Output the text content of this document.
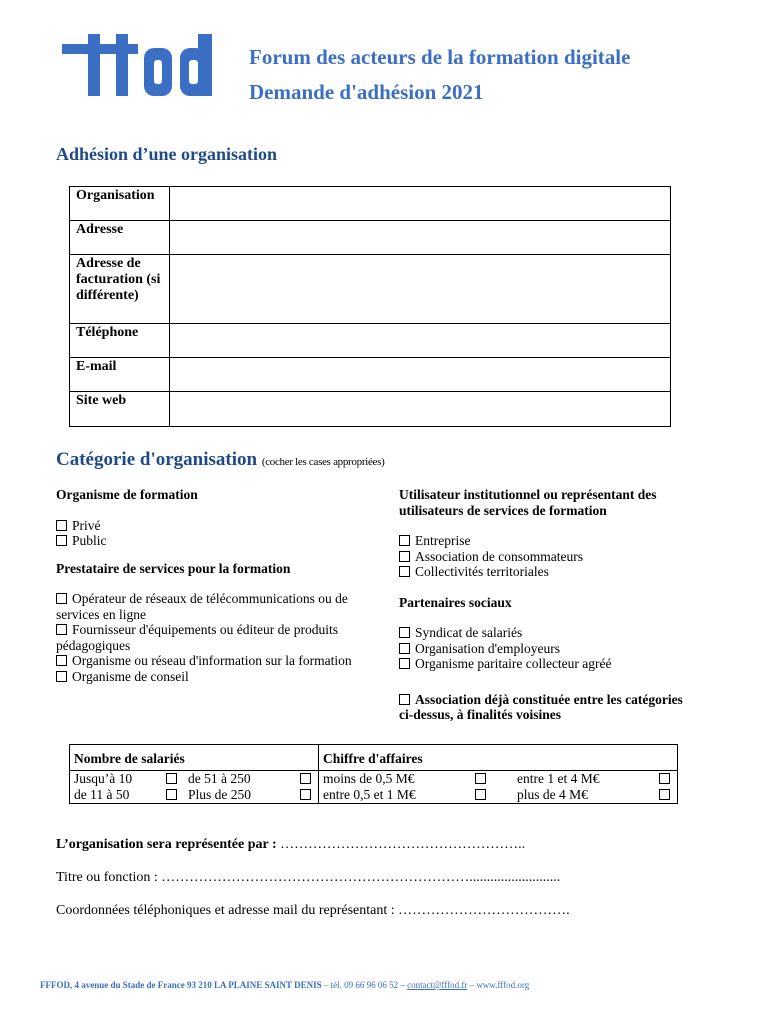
Forum des acteurs de la formation digitale
Demande d'adhésion 2021
Adhésion d’une organisation
Organisation	
Adresse	
Adresse de facturation (si différente)	
Téléphone	
E-mail	
Site web	
Catégorie d'organisation (cocher les cases appropriées)
Organisme de formation
Privé
Public
Prestataire de services pour la formation
Opérateur de réseaux de télécommunications ou de services en ligne
Fournisseur d'équipements ou éditeur de produits pédagogiques
Organisme ou réseau d'information sur la formation
Organisme de conseil
Utilisateur institutionnel ou représentant des utilisateurs de services de formation
Entreprise
Association de consommateurs
Collectivités territoriales
Partenaires sociaux
Syndicat de salariés
Organisation d'employeurs
Organisme paritaire collecteur agréé
Association déjà constituée entre les catégories ci-dessus, à finalités voisines
Nombre de salariés				Chiffre d'affaires			
Jusqu’à 10		de 51 à 250		moins de 0,5 M€		entre 1 et 4 M€	
de 11 à 50		Plus de 250		entre 0,5 et 1 M€		plus de 4 M€	
L’organisation sera représentée par : ……………………………………………..
Titre ou fonction : …………………………………………………………..........................
Coordonnées téléphoniques et adresse mail du représentant : ……………………………….
FFFOD, 4 avenue du Stade de France 93 210 LA PLAINE SAINT DENIS – tél. 09 66 96 06 52 – contact@fffod.fr – www.fffod.org
